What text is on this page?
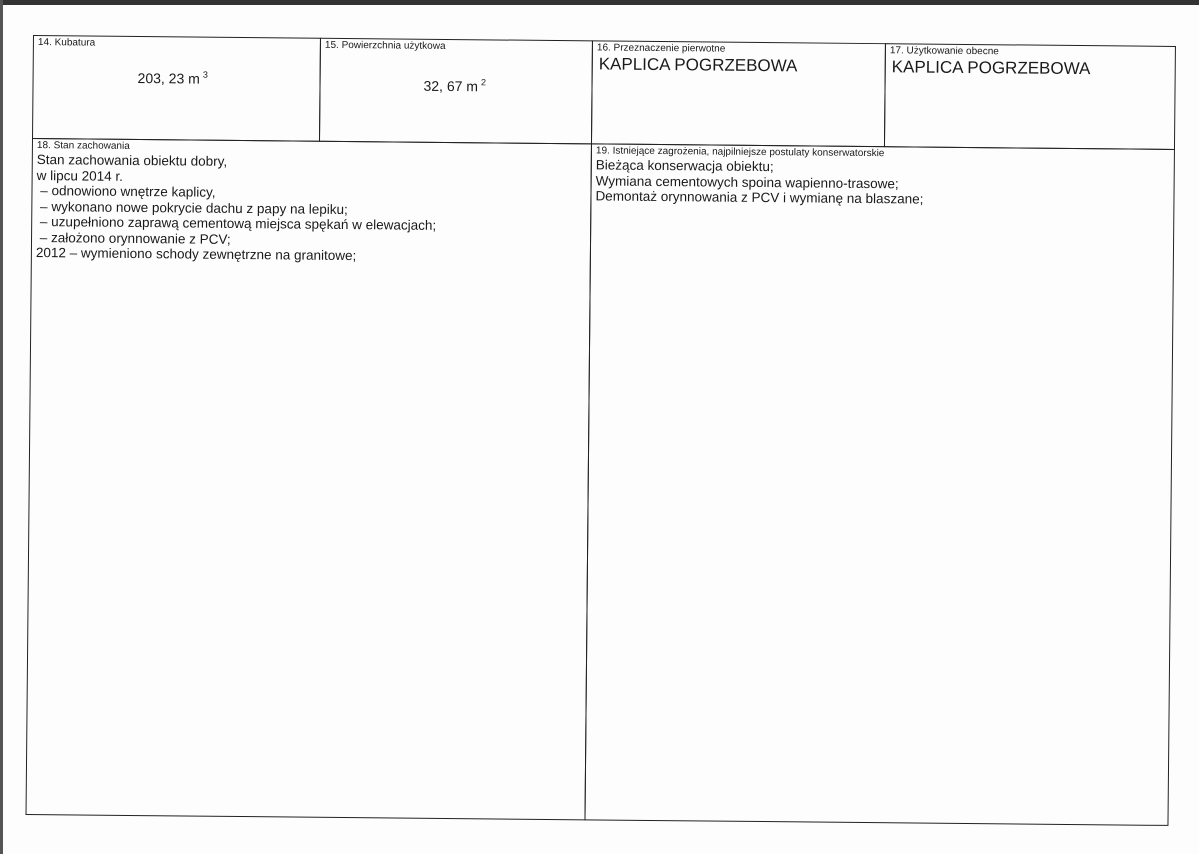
14. Kubatura
203, 23 m $^3$
15. Powierzchnia użytkowa
32, 67 m $^2$
16. Przeznaczenie pierwotne
KAPLICA POGRZEBOWA
17. Użytkowanie obecne
KAPLICA POGRZEBOWA
18. Stan zachowania

Stan zachowania obiektu dobry,

w lipcu 2014 r.

– odnowiono wnętrze kaplicy,

– wykonano nowe pokrycie dachu z papy na lepiku;

– uzupełniono zaprawą cementową miejsca spękań w elewacjach;

– założono orynnowanie z PCV;

2012 – wymieniono schody zewnętrzne na granitowe;

19. Istniejące zagrożenia, najpilniejsze postulaty konserwatorskie

Bieżąca konserwacja obiektu;

Wymiana cementowych spoina wapienno-trasowe;

Demontaż orynnowania z PCV i wymianę na blaszane;
